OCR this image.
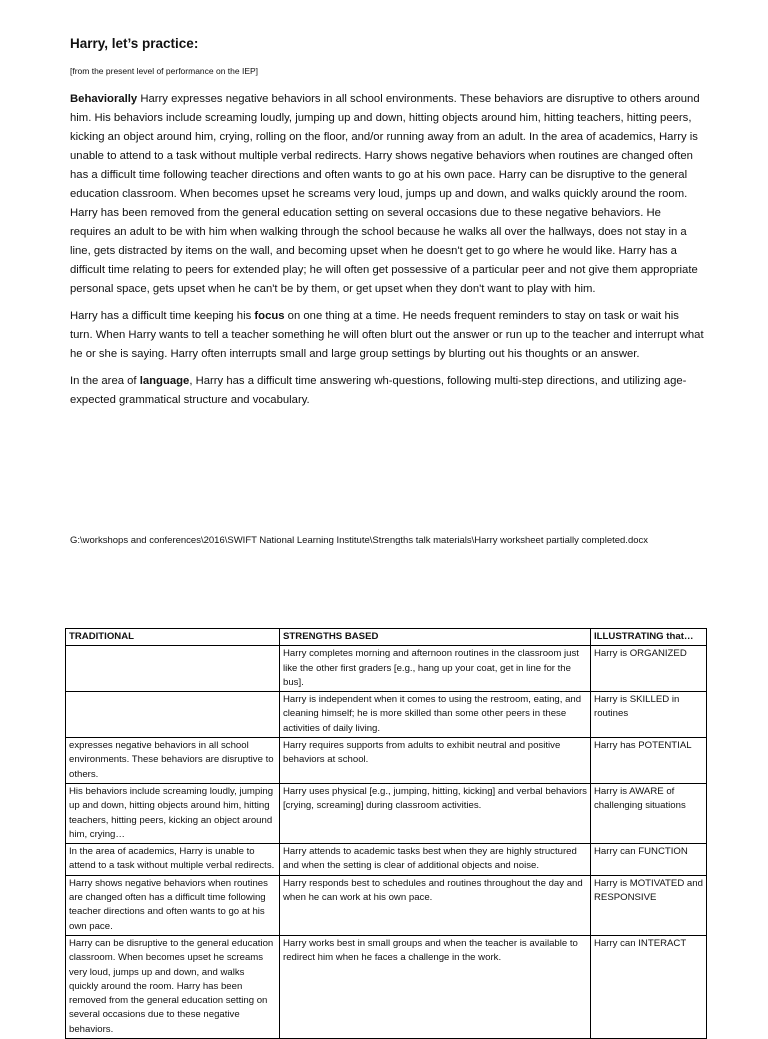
Harry, let’s practice:
[from the present level of performance on the IEP]

Behaviorally Harry expresses negative behaviors in all school environments. These behaviors are disruptive to others around him. His behaviors include screaming loudly, jumping up and down, hitting objects around him, hitting teachers, hitting peers, kicking an object around him, crying, rolling on the floor, and/or running away from an adult. In the area of academics, Harry is unable to attend to a task without multiple verbal redirects. Harry shows negative behaviors when routines are changed often has a difficult time following teacher directions and often wants to go at his own pace. Harry can be disruptive to the general education classroom. When becomes upset he screams very loud, jumps up and down, and walks quickly around the room. Harry has been removed from the general education setting on several occasions due to these negative behaviors. He requires an adult to be with him when walking through the school because he walks all over the hallways, does not stay in a line, gets distracted by items on the wall, and becoming upset when he doesn't get to go where he would like. Harry has a difficult time relating to peers for extended play; he will often get possessive of a particular peer and not give them appropriate personal space, gets upset when he can't be by them, or get upset when they don't want to play with him.

Harry has a difficult time keeping his focus on one thing at a time. He needs frequent reminders to stay on task or wait his turn. When Harry wants to tell a teacher something he will often blurt out the answer or run up to the teacher and interrupt what he or she is saying. Harry often interrupts small and large group settings by blurting out his thoughts or an answer.

In the area of language, Harry has a difficult time answering wh-questions, following multi-step directions, and utilizing age-expected grammatical structure and vocabulary.

G:\workshops and conferences\2016\SWIFT National Learning Institute\Strengths talk materials\Harry worksheet partially completed.docx
TRADITIONAL	STRENGTHS BASED	ILLUSTRATING that…
	Harry completes morning and afternoon routines in the classroom just like the other first graders [e.g., hang up your coat, get in line for the bus].	Harry is ORGANIZED
	Harry is independent when it comes to using the restroom, eating, and cleaning himself; he is more skilled than some other peers in these activities of daily living.	Harry is SKILLED in routines
expresses negative behaviors in all school environments. These behaviors are disruptive to others.	Harry requires supports from adults to exhibit neutral and positive behaviors at school.	Harry has POTENTIAL
His behaviors include screaming loudly, jumping up and down, hitting objects around him, hitting teachers, hitting peers, kicking an object around him, crying…	Harry uses physical [e.g., jumping, hitting, kicking] and verbal behaviors [crying, screaming] during classroom activities.	Harry is AWARE of challenging situations
In the area of academics, Harry is unable to attend to a task without multiple verbal redirects.	Harry attends to academic tasks best when they are highly structured and when the setting is clear of additional objects and noise.	Harry can FUNCTION
Harry shows negative behaviors when routines are changed often has a difficult time following teacher directions and often wants to go at his own pace.	Harry responds best to schedules and routines throughout the day and when he can work at his own pace.	Harry is MOTIVATED and RESPONSIVE
Harry can be disruptive to the general education classroom. When becomes upset he screams very loud, jumps up and down, and walks quickly around the room. Harry has been removed from the general education setting on several occasions due to these negative behaviors.	Harry works best in small groups and when the teacher is available to redirect him when he faces a challenge in the work.	Harry can INTERACT
